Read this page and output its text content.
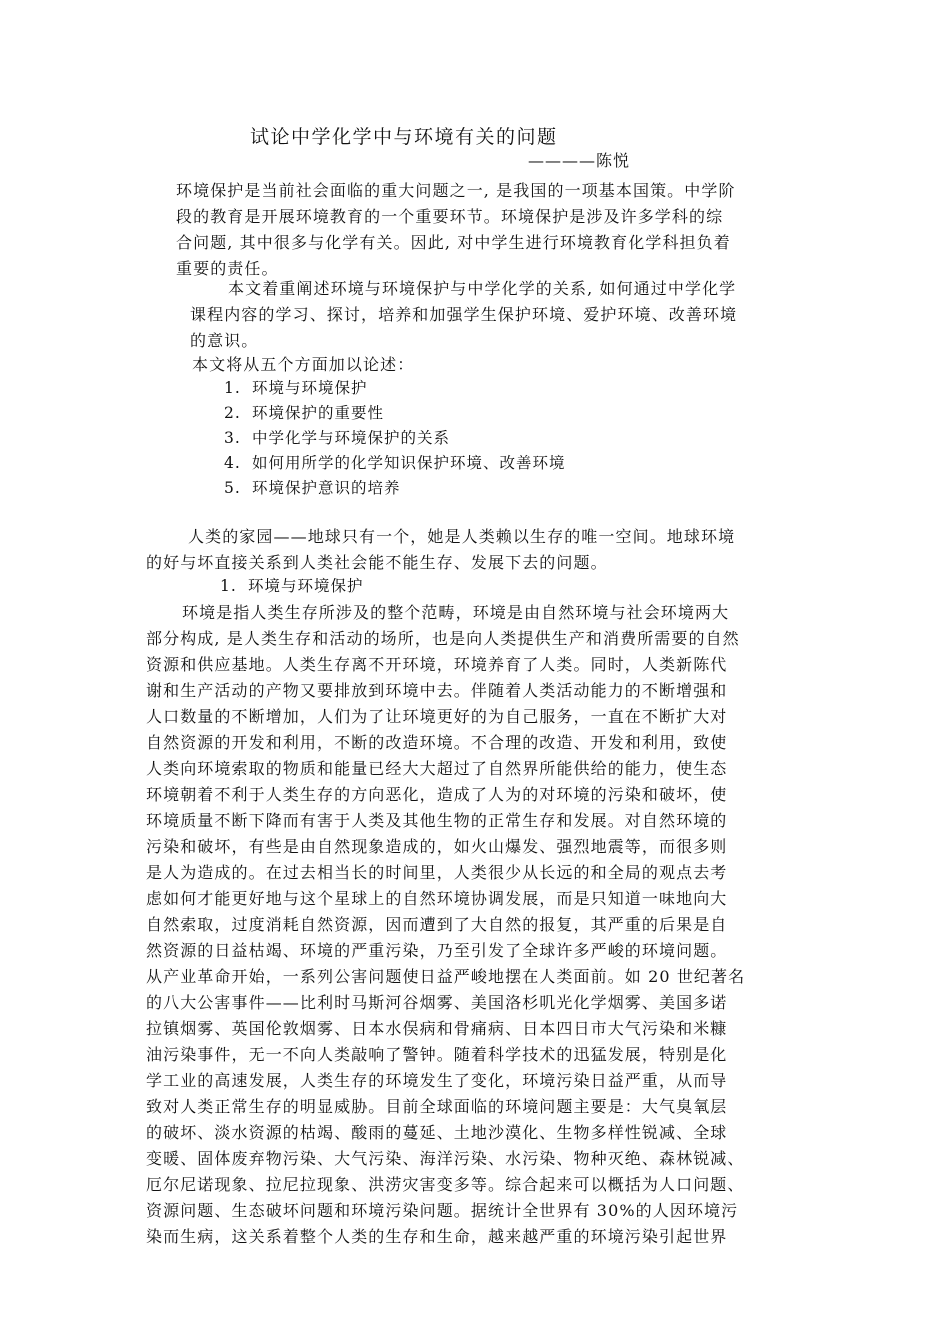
试论中学化学中与环境有关的问题
————陈悦
环境保护是当前社会面临的重大问题之一, 是我国的一项基本国策。中学阶
段的教育是开展环境教育的一个重要环节。环境保护是涉及许多学科的综
合问题, 其中很多与化学有关。因此, 对中学生进行环境教育化学科担负着
重要的责任。
本文着重阐述环境与环境保护与中学化学的关系, 如何通过中学化学
课程内容的学习、探讨，培养和加强学生保护环境、爱护环境、改善环境
的意识。
本文将从五个方面加以论述：
1. 环境与环境保护
2. 环境保护的重要性
3. 中学化学与环境保护的关系
4. 如何用所学的化学知识保护环境、改善环境
5. 环境保护意识的培养
人类的家园——地球只有一个，她是人类赖以生存的唯一空间。地球环境
的好与坏直接关系到人类社会能不能生存、发展下去的问题。
1. 环境与环境保护
环境是指人类生存所涉及的整个范畴，环境是由自然环境与社会环境两大
部分构成, 是人类生存和活动的场所，也是向人类提供生产和消费所需要的自然
资源和供应基地。人类生存离不开环境，环境养育了人类。同时，人类新陈代
谢和生产活动的产物又要排放到环境中去。伴随着人类活动能力的不断增强和
人口数量的不断增加，人们为了让环境更好的为自己服务，一直在不断扩大对
自然资源的开发和利用，不断的改造环境。不合理的改造、开发和利用，致使
人类向环境索取的物质和能量已经大大超过了自然界所能供给的能力，使生态
环境朝着不利于人类生存的方向恶化，造成了人为的对环境的污染和破坏，使
环境质量不断下降而有害于人类及其他生物的正常生存和发展。对自然环境的
污染和破坏，有些是由自然现象造成的，如火山爆发、强烈地震等，而很多则
是人为造成的。在过去相当长的时间里，人类很少从长远的和全局的观点去考
虑如何才能更好地与这个星球上的自然环境协调发展，而是只知道一味地向大
自然索取，过度消耗自然资源，因而遭到了大自然的报复，其严重的后果是自
然资源的日益枯竭、环境的严重污染，乃至引发了全球许多严峻的环境问题。
从产业革命开始，一系列公害问题使日益严峻地摆在人类面前。如 20 世纪著名
的八大公害事件——比利时马斯河谷烟雾、美国洛杉叽光化学烟雾、美国多诺
拉镇烟雾、英国伦敦烟雾、日本水俣病和骨痛病、日本四日市大气污染和米糠
油污染事件，无一不向人类敲响了警钟。随着科学技术的迅猛发展，特别是化
学工业的高速发展，人类生存的环境发生了变化，环境污染日益严重，从而导
致对人类正常生存的明显威胁。目前全球面临的环境问题主要是：大气臭氧层
的破坏、淡水资源的枯竭、酸雨的蔓延、土地沙漠化、生物多样性锐减、全球
变暖、固体废弃物污染、大气污染、海洋污染、水污染、物种灭绝、森林锐减、
厄尔尼诺现象、拉尼拉现象、洪涝灾害变多等。综合起来可以概括为人口问题、
资源问题、生态破坏问题和环境污染问题。据统计全世界有 30%的人因环境污
染而生病，这关系着整个人类的生存和生命，越来越严重的环境污染引起世界
